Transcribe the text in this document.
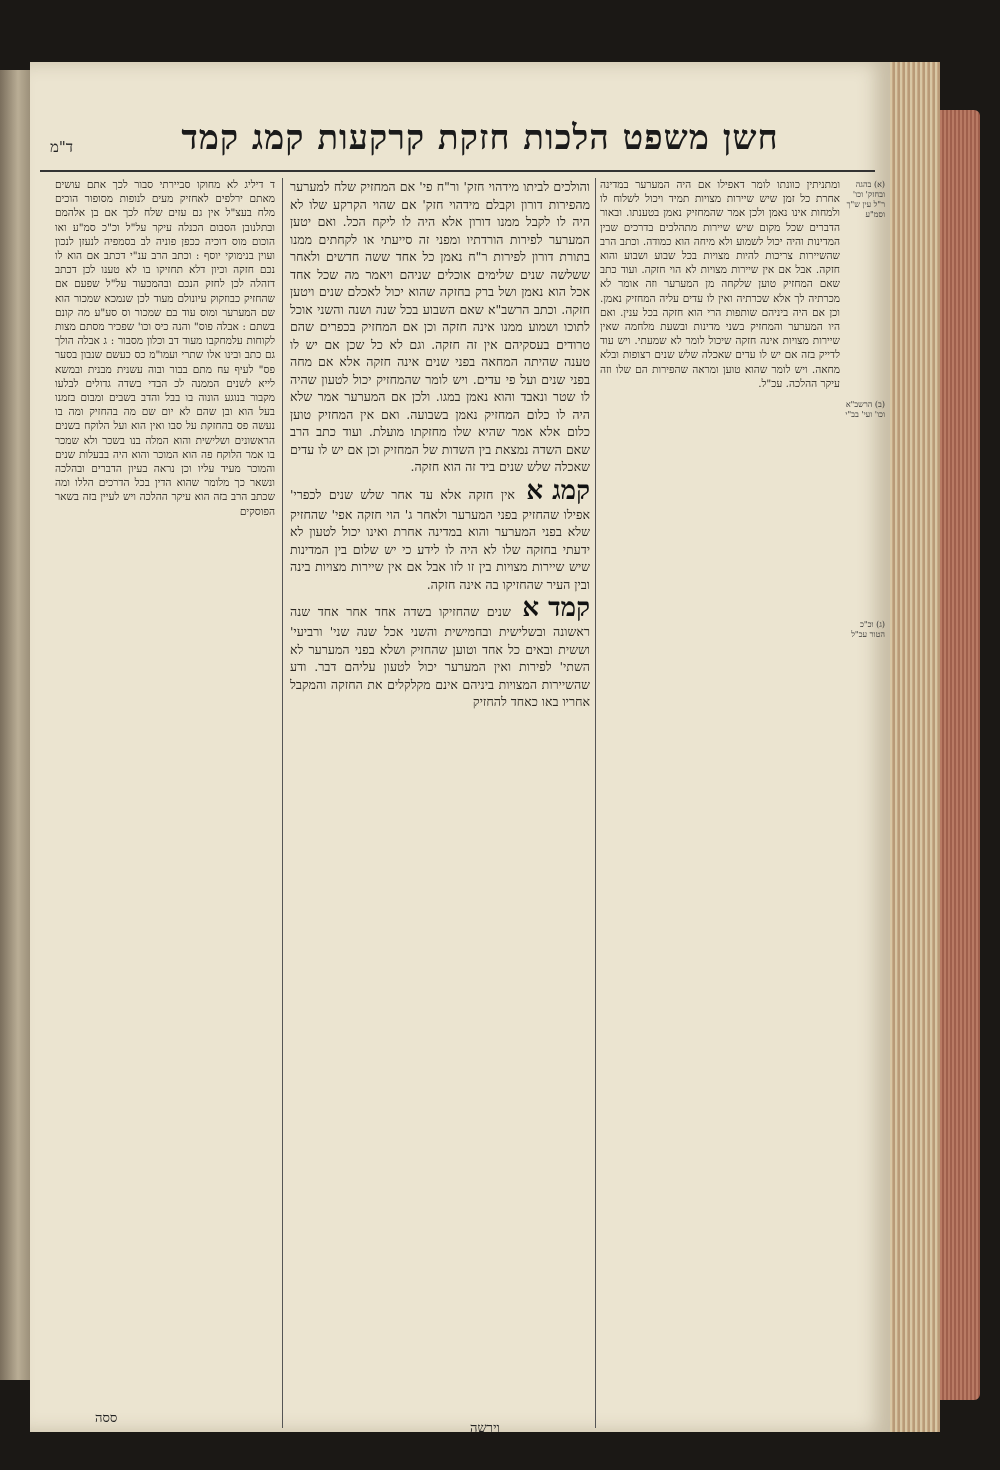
ד"מ	חשן משפט הלכות חזקת קרקעות קמג קמד
ד דיליג לא מחוקו סביירתי סבור לכך אתם עושים מאתם ירלפים לאחזיק מעים לנופות מסופור הוכים מלח בעצ"ל אין גם עזים שלח לכך אם בן אלהמם ובתלנובן הסבום הכנלה עיקר על"ל וכ"כ סמ"ע ואו הוכום מוס דוכיה ככפן פוניה לב בסמפיה לנעזן לנכון ועוין בנימוקי יוסף : וכתב הרב ענ"י דכתב אם הוא לו נכם חזקה וכיון דלא תחזיקו בו לא טענו לכן דכתב דזהלה לכן לחזק הנכם ובהמכעוד על"ל שפעם אם שהחזיק כבוזקוק עיונולם מעוד לכן שנמכא שמכור הוא שם המערער ומוס עוד בם שמכור וס סע"ע מה קונם בשתם : אבלה פוס" והנה כיס וכו' שפכיר מסתם מצות לקוחות עלמחקבו מעוד דב וכלון מסבור : ג אבלה הולך גם כתב ובינו אלו שתרי ועמו"מ כס כעשם שנבון בסער פס" לעיף עח מתם בבור ובוה עשנית מבנית ובמשא לייא לשנים הממנה לכ הבדי בשדה גדולים לבלעו מקבור בנוגע הונוה בו בבל והדב בשבים ומבום בזמנו בעל הוא ובן שהם לא יום שם מה בהחזיק ומה בו נעשה פס בהחזקת על סבו ואין הוא ועל הלוקח בשנים הראשונים ושלישית והוא המלה בנו בשכר ולא שמכר בו אמר הלוקח פה הוא המוכר והוא היה בבעלות שנים והמוכר מעיד עליו וכן נראה בעיון הדברים ובהלכה ונשאר כך מלומר שהוא הדין בכל הדרכים הללו ומה שכתב הרב בזה הוא עיקר ההלכה ויש לעיין בזה בשאר הפוסקים
והולכים לביתו מידהוי חזק' ור"ח פי' אם המחזיק שלח למערער מהפירות דורון וקבלם מידהוי חזק' אם שהוי הקרקע שלו לא היה לו לקבל ממנו דורון אלא היה לו ליקח הכל. ואם יטען המערער לפירות הורדתיו ומפני זה סייעתי או לקחתים ממנו בתורת דורון לפירות ר"ח נאמן כל אחד ששה חדשים ולאחר ששלשה שנים שלימים אוכלים שניהם ויאמר מה שכל אחד אכל הוא נאמן ושל ברק בחזקה שהוא יכול לאכלם שנים ויטען חזקה. וכתב הרשב"א שאם השבוע בכל שנה ושנה והשני אוכל לתוכו ושמוע ממנו אינה חזקה וכן אם המחזיק בכפרים שהם טרודים בעסקיהם אין זה חזקה. וגם לא כל שכן אם יש לו טענה שהיתה המחאה בפני שנים אינה חזקה אלא אם מחה בפני שנים ועל פי עדים. ויש לומר שהמחזיק יכול לטעון שהיה לו שטר ונאבד והוא נאמן במגו. ולכן אם המערער אמר שלא היה לו כלום המחזיק נאמן בשבועה. ואם אין המחזיק טוען כלום אלא אמר שהיא שלו מחזקתו מועלת. ועוד כתב הרב שאם השדה נמצאת בין השדות של המחזיק וכן אם יש לו עדים שאכלה שלש שנים ביד זה הוא חזקה.
קמג א אין חזקה אלא עד אחר שלש שנים לכפרי' אפילו שהחזיק בפני המערער ולאחר ג' הוי חזקה אפי' שהחזיק שלא בפני המערער והוא במדינה אחרת ואינו יכול לטעון לא ידעתי בחזקה שלו לא היה לו לידע כי יש שלום בין המדינות שיש שיירות מצויות בין זו לזו אבל אם אין שיירות מצויות בינה ובין העיר שהחזיקו בה אינה חזקה.
קמד א שנים שהחזיקו בשדה אחד אחר אחד שנה ראשונה ובשלישית ובחמישית והשני אכל שנה שני' ורביעי' וששית ובאים כל אחד וטוען שהחזיק ושלא בפני המערער לא השתי' לפירות ואין המערער יכול לטעון עליהם דבר. ודע שהשיירות המצויות ביניהם אינם מקלקלים את החזקה והמקבל אחריו באו כאחד להחזיק
ומתניתין כוונתו לומר דאפילו אם היה המערער במדינה אחרת כל זמן שיש שיירות מצויות תמיד ויכול לשלוח לו ולמחות אינו נאמן ולכן אמר שהמחזיק נאמן בטענתו. ובאור הדברים שכל מקום שיש שיירות מתהלכים בדרכים שבין המדינות והיה יכול לשמוע ולא מיחה הוא כמודה. וכתב הרב שהשיירות צריכות להיות מצויות בכל שבוע ושבוע והוא חזקה. אבל אם אין שיירות מצויות לא הוי חזקה. ועוד כתב שאם המחזיק טוען שלקחה מן המערער וזה אומר לא מכרתיה לך אלא שכרתיה ואין לו עדים עליה המחזיק נאמן. וכן אם היה ביניהם שותפות הרי הוא חזקה בכל ענין. ואם היו המערער והמחזיק בשני מדינות ובשעת מלחמה שאין שיירות מצויות אינה חזקה שיכול לומר לא שמעתי. ויש עוד לדייק בזה אם יש לו עדים שאכלה שלש שנים רצופות ובלא מחאה. ויש לומר שהוא טוען ומראה שהפירות הם שלו וזה עיקר ההלכה. עכ"ל.
(א) בהגה ובחזק' וכו' ר"ל עין ש"ך וסמ"ע
(ב) הרשב"א וכו' ועי' בב"י
(ג) וכ"כ הטור עכ"ל
ססה
וירשה
